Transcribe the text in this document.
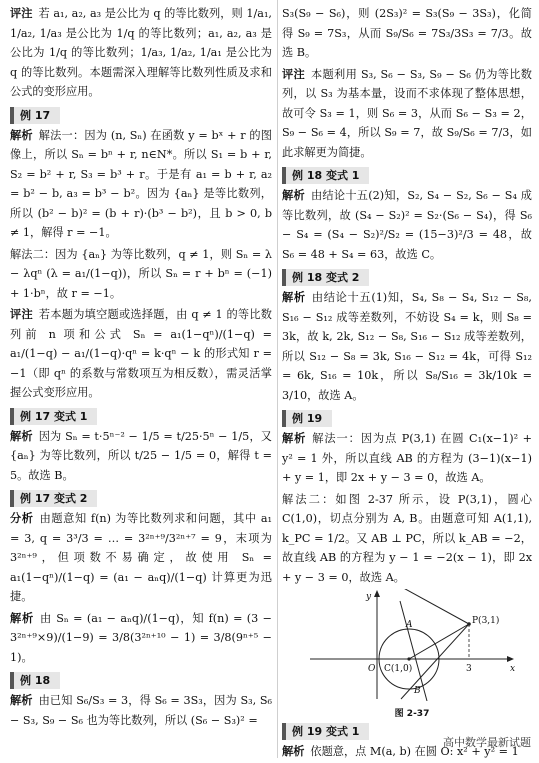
评注 若 a₁, a₂, a₃ 是公比为 q 的等比数列，则 1/a₁, 1/a₂, 1/a₃ 是公比为 1/q 的等比数列；a₁, a₂, a₃ 是公比为 1/q 的等比数列；1/a₃, 1/a₂, 1/a₁ 是公比为 q 的等比数列。本题需深入理解等比数列性质及求和公式的变形应用。

例 17

解析 解法一：因为 (n, Sₙ) 在函数 y = bˣ + r 的图像上，所以 Sₙ = bⁿ + r, n∈N*。所以 S₁ = b + r, S₂ = b² + r, S₃ = b³ + r。于是有 a₁ = b + r, a₂ = b² − b, a₃ = b³ − b²。因为 {aₙ} 是等比数列，所以 (b² − b)² = (b + r)·(b³ − b²)，且 b > 0, b ≠ 1，解得 r = −1。

解法二：因为 {aₙ} 为等比数列，q ≠ 1，则 Sₙ = λ − λqⁿ (λ = a₁/(1−q))，所以 Sₙ = r + bⁿ = (−1) + 1·bⁿ，故 r = −1。

评注 若本题为填空题或选择题，由 q ≠ 1 的等比数列前 n 项和公式 Sₙ = a₁(1−qⁿ)/(1−q) = a₁/(1−q) − a₁/(1−q)·qⁿ = k·qⁿ − k 的形式知 r = −1（即 qⁿ 的系数与常数项互为相反数），需灵活掌握公式变形应用。

例 17 变式 1

解析 因为 Sₙ = t·5ⁿ⁻² − 1/5 = t/25·5ⁿ − 1/5，又 {aₙ} 为等比数列，所以 t/25 − 1/5 = 0，解得 t = 5。故选 B。

例 17 变式 2

分析 由题意知 f(n) 为等比数列求和问题，其中 a₁ = 3, q = 3³/3 = … = 3²ⁿ⁺⁹/3²ⁿ⁺⁷ = 9，末项为 3²ⁿ⁺⁹，但项数不易确定，故使用 Sₙ = a₁(1−qⁿ)/(1−q) = (a₁ − aₙq)/(1−q) 计算更为迅捷。

解析 由 Sₙ = (a₁ − aₙq)/(1−q)，知 f(n) = (3 − 3²ⁿ⁺⁹×9)/(1−9) = 3/8(3²ⁿ⁺¹⁰ − 1) = 3/8(9ⁿ⁺⁵ − 1)。

例 18

解析 由已知 S₆/S₃ = 3，得 S₆ = 3S₃，因为 S₃, S₆ − S₃, S₉ − S₆ 也为等比数列，所以 (S₆ − S₃)² =

S₃(S₉ − S₆)，则 (2S₃)² = S₃(S₉ − 3S₃)，化简得 S₉ = 7S₃，从而 S₉/S₆ = 7S₃/3S₃ = 7/3。故选 B。

评注 本题利用 S₃, S₆ − S₃, S₉ − S₆ 仍为等比数列，以 S₃ 为基本量，设而不求体现了整体思想，故可令 S₃ = 1，则 S₆ = 3，从而 S₆ − S₃ = 2，S₉ − S₆ = 4，所以 S₉ = 7，故 S₉/S₆ = 7/3，如此求解更为简捷。

例 18 变式 1

解析 由结论十五(2)知，S₂, S₄ − S₂, S₆ − S₄ 成等比数列，故 (S₄ − S₂)² = S₂·(S₆ − S₄)，得 S₆ − S₄ = (S₄ − S₂)²/S₂ = (15−3)²/3 = 48，故 S₆ = 48 + S₄ = 63，故选 C。

例 18 变式 2

解析 由结论十五(1)知，S₄, S₈ − S₄, S₁₂ − S₈, S₁₆ − S₁₂ 成等差数列，不妨设 S₄ = k，则 S₈ = 3k，故 k, 2k, S₁₂ − S₈, S₁₆ − S₁₂ 成等差数列，所以 S₁₂ − S₈ = 3k, S₁₆ − S₁₂ = 4k，可得 S₁₂ = 6k, S₁₆ = 10k，所以 S₈/S₁₆ = 3k/10k = 3/10，故选 A。

例 19

解析 解法一：因为点 P(3,1) 在圆 C₁(x−1)² + y² = 1 外，所以直线 AB 的方程为 (3−1)(x−1) + y = 1，即 2x + y − 3 = 0，故选 A。

解法二：如图 2-37 所示，设 P(3,1)，圆心 C(1,0)，切点分别为 A, B。由题意可知 A(1,1), k_PC = 1/2。又 AB ⊥ PC，所以 k_AB = −2，故直线 AB 的方程为 y − 1 = −2(x − 1)，即 2x + y − 3 = 0，故选 A。

y
x
A
B
O C(1,0)
P(3,1)
3
图 2-37
例 19 变式 1

解析 依题意，点 M(a, b) 在圆 O: x² + y² = 1

高中数学最新试题
